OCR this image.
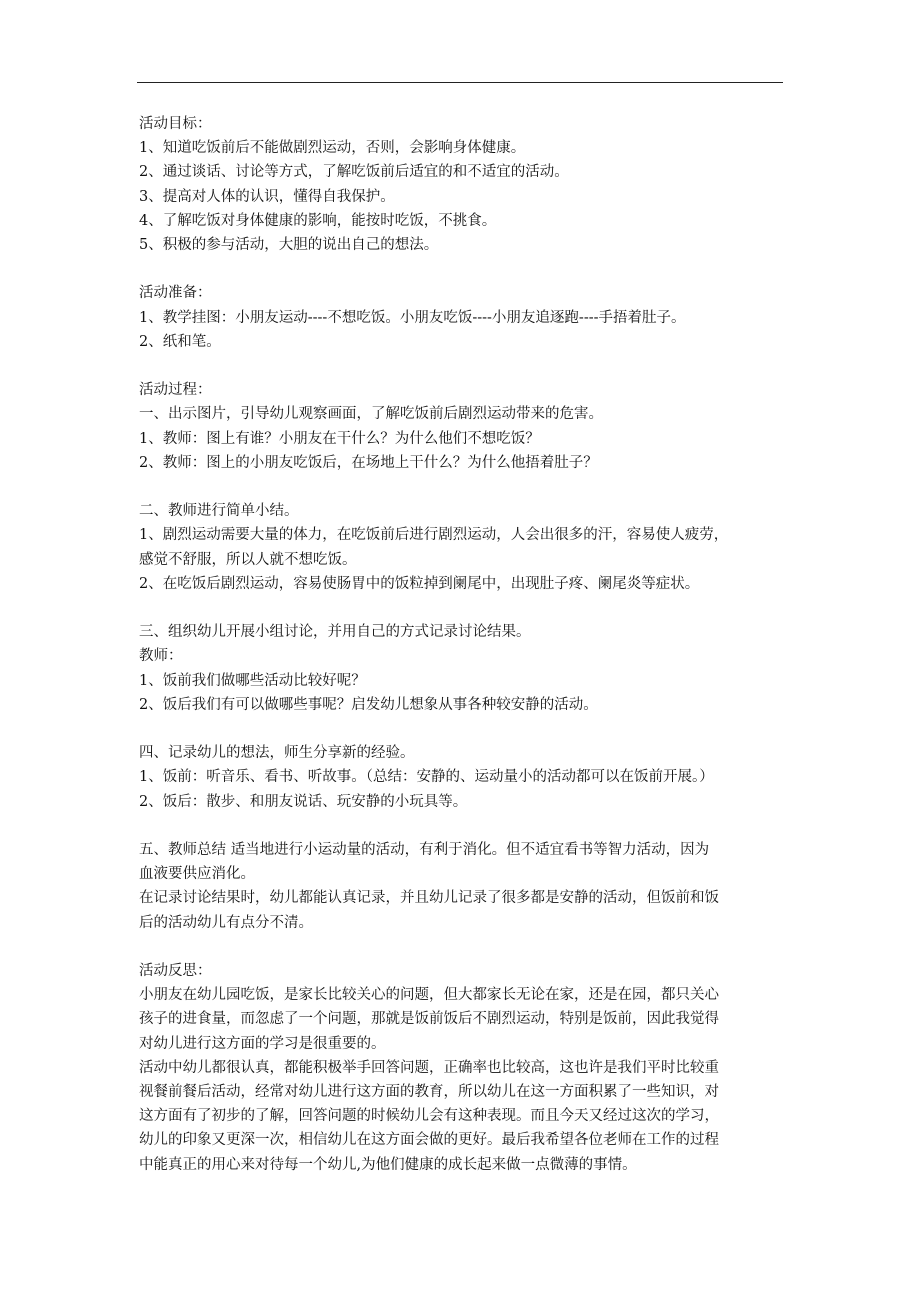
活动目标：
1、知道吃饭前后不能做剧烈运动，否则，会影响身体健康。
2、通过谈话、讨论等方式，了解吃饭前后适宜的和不适宜的活动。
3、提高对人体的认识，懂得自我保护。
4、了解吃饭对身体健康的影响，能按时吃饭，不挑食。
5、积极的参与活动，大胆的说出自己的想法。
活动准备：
1、教学挂图：小朋友运动----不想吃饭。小朋友吃饭----小朋友追逐跑----手捂着肚子。
2、纸和笔。
活动过程：
一、出示图片，引导幼儿观察画面，了解吃饭前后剧烈运动带来的危害。
1、教师：图上有谁？小朋友在干什么？为什么他们不想吃饭？
2、教师：图上的小朋友吃饭后，在场地上干什么？为什么他捂着肚子？
二、教师进行简单小结。
1、剧烈运动需要大量的体力，在吃饭前后进行剧烈运动，人会出很多的汗，容易使人疲劳，
感觉不舒服，所以人就不想吃饭。
2、在吃饭后剧烈运动，容易使肠胃中的饭粒掉到阑尾中，出现肚子疼、阑尾炎等症状。
三、组织幼儿开展小组讨论，并用自己的方式记录讨论结果。
教师：
1、饭前我们做哪些活动比较好呢？
2、饭后我们有可以做哪些事呢？启发幼儿想象从事各种较安静的活动。
四、记录幼儿的想法，师生分享新的经验。
1、饭前：听音乐、看书、听故事。（总结：安静的、运动量小的活动都可以在饭前开展。）
2、饭后：散步、和朋友说话、玩安静的小玩具等。
五、教师总结 适当地进行小运动量的活动，有利于消化。但不适宜看书等智力活动，因为
血液要供应消化。
在记录讨论结果时，幼儿都能认真记录，并且幼儿记录了很多都是安静的活动，但饭前和饭
后的活动幼儿有点分不清。
活动反思：
小朋友在幼儿园吃饭，是家长比较关心的问题，但大都家长无论在家，还是在园，都只关心
孩子的进食量，而忽虑了一个问题，那就是饭前饭后不剧烈运动，特别是饭前，因此我觉得
对幼儿进行这方面的学习是很重要的。
活动中幼儿都很认真，都能积极举手回答问题，正确率也比较高，这也许是我们平时比较重
视餐前餐后活动，经常对幼儿进行这方面的教育，所以幼儿在这一方面积累了一些知识，对
这方面有了初步的了解，回答问题的时候幼儿会有这种表现。而且今天又经过这次的学习，
幼儿的印象又更深一次，相信幼儿在这方面会做的更好。最后我希望各位老师在工作的过程
中能真正的用心来对待每一个幼儿,为他们健康的成长起来做一点微薄的事情。
